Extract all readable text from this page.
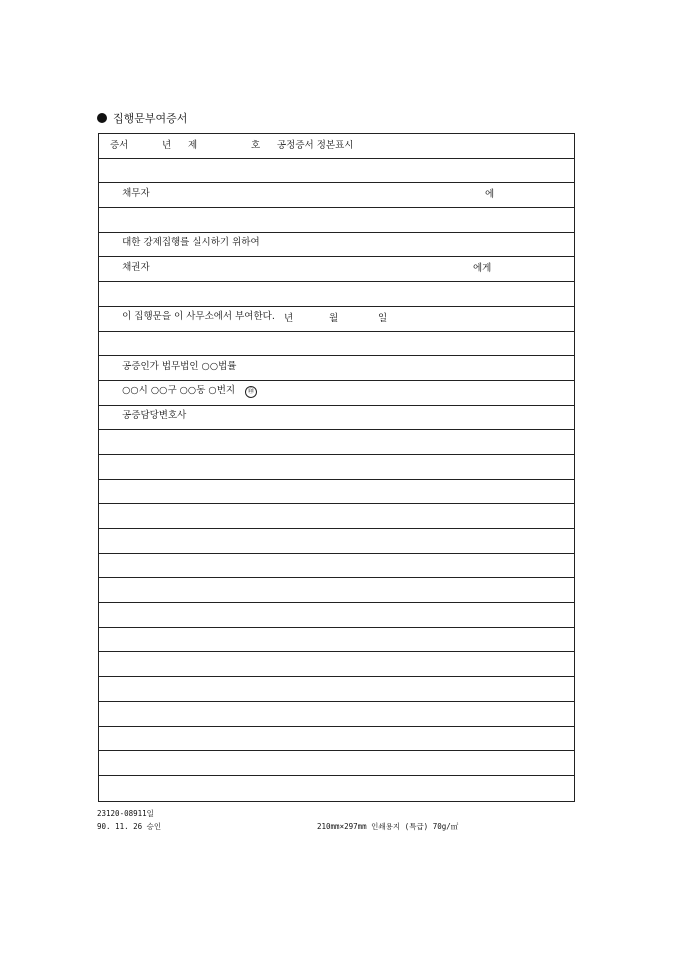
집행문부여증서

증서

	년

제

	호

공정증서 정본표시

채무자

	에

대한 강제집행를 실시하기 위하여

채권자

	에게

이 집행문을 이 사무소에서 부여한다.

년

	월

	일

공증인가 법무법인 ○○법률

○○시 ○○구 ○○동 ○번지

공증담당변호사

㊞

23120-08911일
90. 11. 26 승인	210mm×297mm 인쇄용지 (특급) 70g/㎡
